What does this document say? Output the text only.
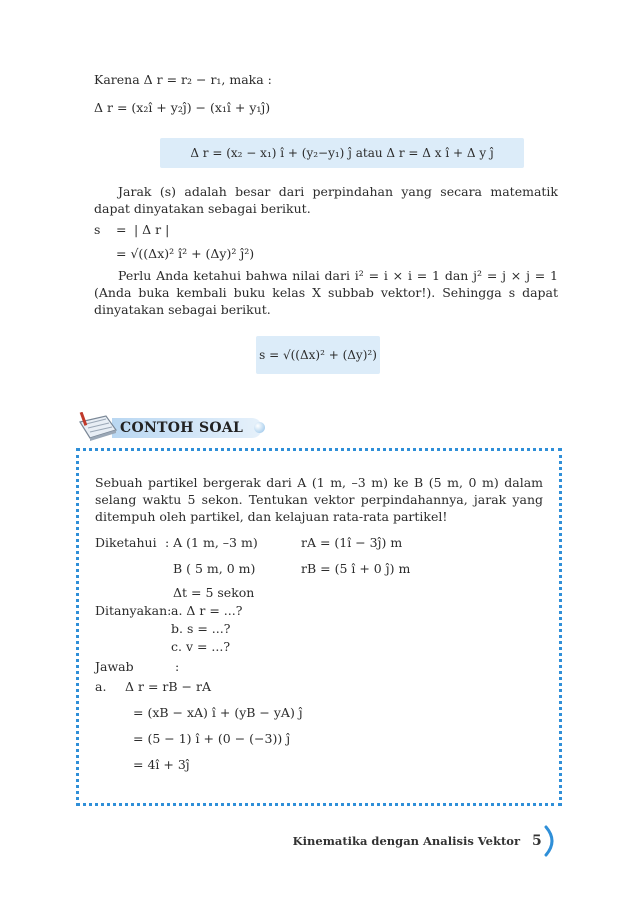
Karena Δ r = r₂ − r₁, maka :
Δ r = (x₂î + y₂ĵ) − (x₁î + y₁ĵ)
Δ r = (x₂ − x₁) î + (y₂−y₁) ĵ atau Δ r = Δ x î + Δ y ĵ
Jarak (s) adalah besar dari perpindahan yang secara matematik
dapat dinyatakan sebagai berikut.
s = | Δ r |
= √((Δx)² î² + (Δy)² ĵ²)
Perlu Anda ketahui bahwa nilai dari i² = i × i = 1 dan j² = j × j = 1
(Anda buka kembali buku kelas X subbab vektor!). Sehingga s dapat
dinyatakan sebagai berikut.
s = √((Δx)² + (Δy)²)
CONTOH SOAL
Sebuah partikel bergerak dari A (1 m, –3 m) ke B (5 m, 0 m) dalam
selang waktu 5 sekon. Tentukan vektor perpindahannya, jarak yang
ditempuh oleh partikel, dan kelajuan rata-rata partikel!
Diketahui : A (1 m, –3 m)	rA = (1î − 3ĵ) m
B ( 5 m, 0 m)	rB = (5 î + 0 ĵ) m
Δt = 5 sekon
Ditanyakan: a. Δ r = ...?
b. s = ...?
c. v = ...?
Jawab	:
a. Δ r = rB − rA
= (xB − xA) î + (yB − yA) ĵ
= (5 − 1) î + (0 − (−3)) ĵ
= 4î + 3ĵ
Kinematika dengan Analisis Vektor 5
